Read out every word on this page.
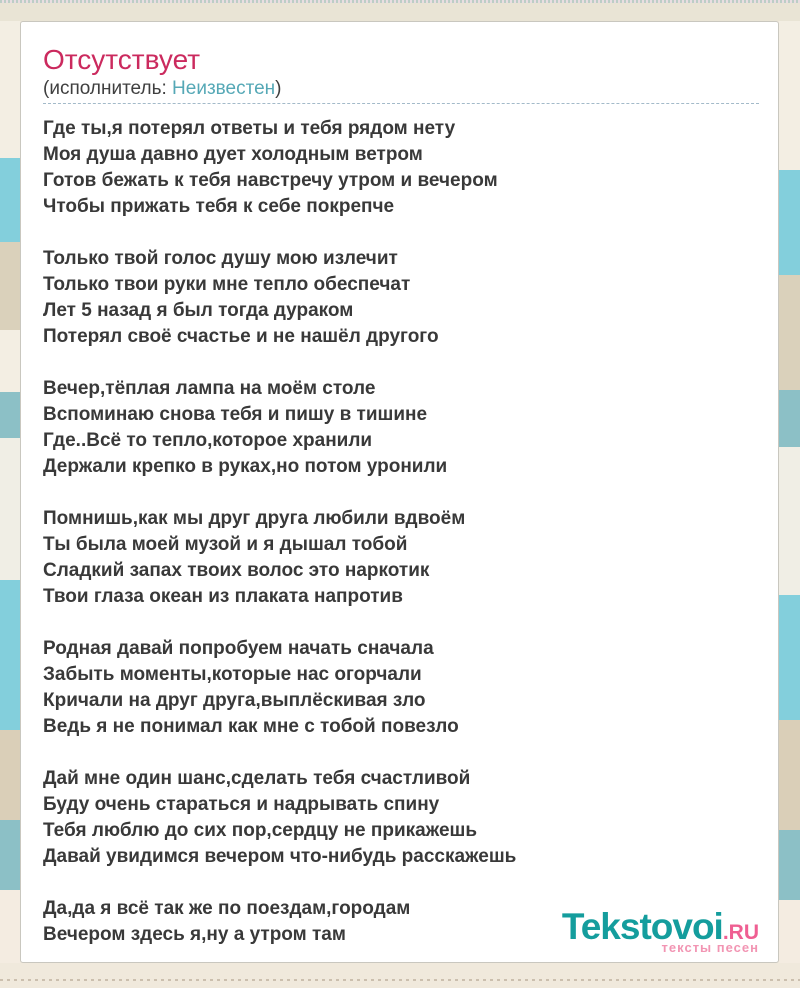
Отсутствует
(исполнитель: Неизвестен)
Где ты,я потерял ответы и тебя рядом нету
Моя душа давно дует холодным ветром
Готов бежать к тебя навстречу утром и вечером
Чтобы прижать тебя к себе покрепче
Только твой голос душу мою излечит
Только твои руки мне тепло обеспечат
Лет 5 назад я был тогда дураком
Потерял своё счастье и не нашёл другого
Вечер,тёплая лампа на моём столе
Вспоминаю снова тебя и пишу в тишине
Где..Всё то тепло,которое хранили
Держали крепко в руках,но потом уронили
Помнишь,как мы друг друга любили вдвоём
Ты была моей музой и я дышал тобой
Сладкий запах твоих волос это наркотик
Твои глаза океан из плаката напротив
Родная давай попробуем начать сначала
Забыть моменты,которые нас огорчали
Кричали на друг друга,выплёскивая зло
Ведь я не понимал как мне с тобой повезло
Дай мне один шанс,сделать тебя счастливой
Буду очень стараться и надрывать спину
Тебя люблю до сих пор,сердцу не прикажешь
Давай увидимся вечером что-нибудь расскажешь
Да,да я всё так же по поездам,городам
Вечером здесь я,ну а утром там	Tekstovoi.RU
тексты песен
